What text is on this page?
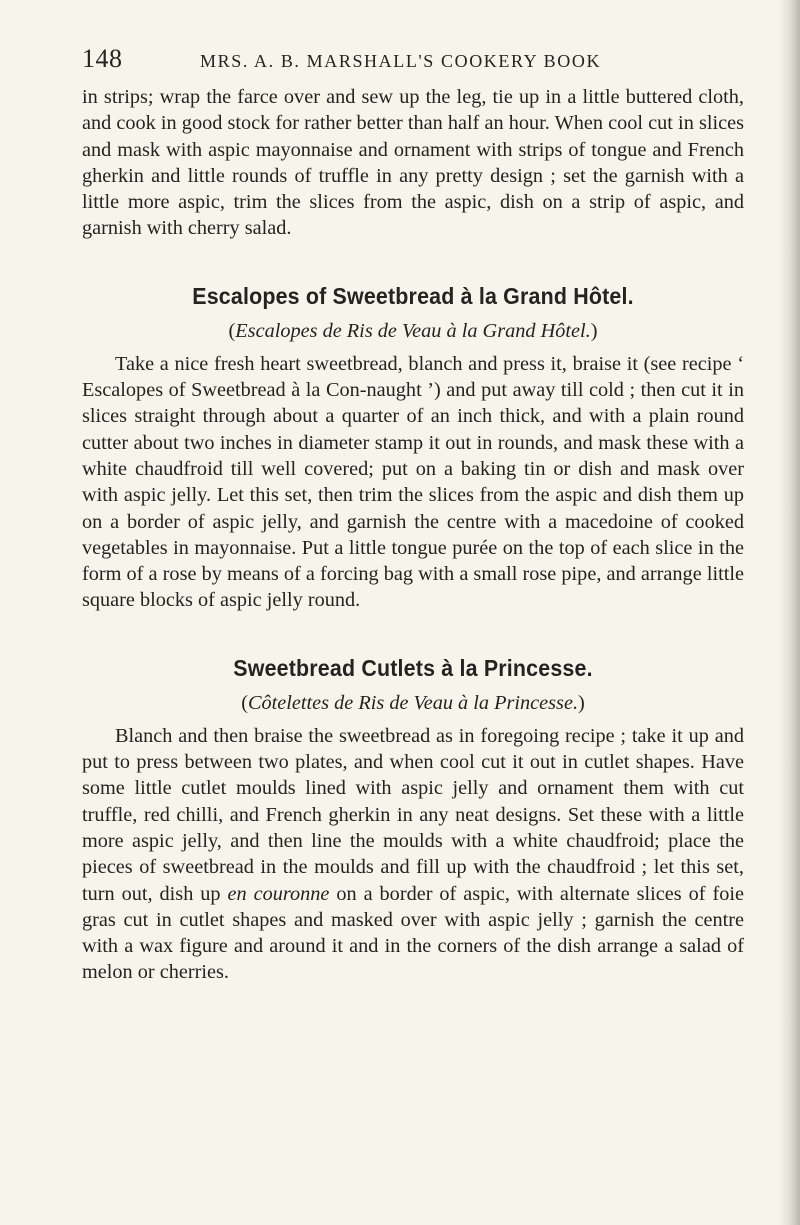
148	MRS. A. B. MARSHALL'S COOKERY BOOK

in strips; wrap the farce over and sew up the leg, tie up in a little buttered cloth, and cook in good stock for rather better than half an hour. When cool cut in slices and mask with aspic mayonnaise and ornament with strips of tongue and French gherkin and little rounds of truffle in any pretty design ; set the garnish with a little more aspic, trim the slices from the aspic, dish on a strip of aspic, and garnish with cherry salad.

Escalopes of Sweetbread à la Grand Hôtel.

(Escalopes de Ris de Veau à la Grand Hôtel.)

Take a nice fresh heart sweetbread, blanch and press it, braise it (see recipe ‘ Escalopes of Sweetbread à la Con-naught ’) and put away till cold ; then cut it in slices straight through about a quarter of an inch thick, and with a plain round cutter about two inches in diameter stamp it out in rounds, and mask these with a white chaudfroid till well covered; put on a baking tin or dish and mask over with aspic jelly. Let this set, then trim the slices from the aspic and dish them up on a border of aspic jelly, and garnish the centre with a macedoine of cooked vegetables in mayonnaise. Put a little tongue purée on the top of each slice in the form of a rose by means of a forcing bag with a small rose pipe, and arrange little square blocks of aspic jelly round.

Sweetbread Cutlets à la Princesse.

(Côtelettes de Ris de Veau à la Princesse.)

Blanch and then braise the sweetbread as in foregoing recipe ; take it up and put to press between two plates, and when cool cut it out in cutlet shapes. Have some little cutlet moulds lined with aspic jelly and ornament them with cut truffle, red chilli, and French gherkin in any neat designs. Set these with a little more aspic jelly, and then line the moulds with a white chaudfroid; place the pieces of sweetbread in the moulds and fill up with the chaudfroid ; let this set, turn out, dish up en couronne on a border of aspic, with alternate slices of foie gras cut in cutlet shapes and masked over with aspic jelly ; garnish the centre with a wax figure and around it and in the corners of the dish arrange a salad of melon or cherries.
